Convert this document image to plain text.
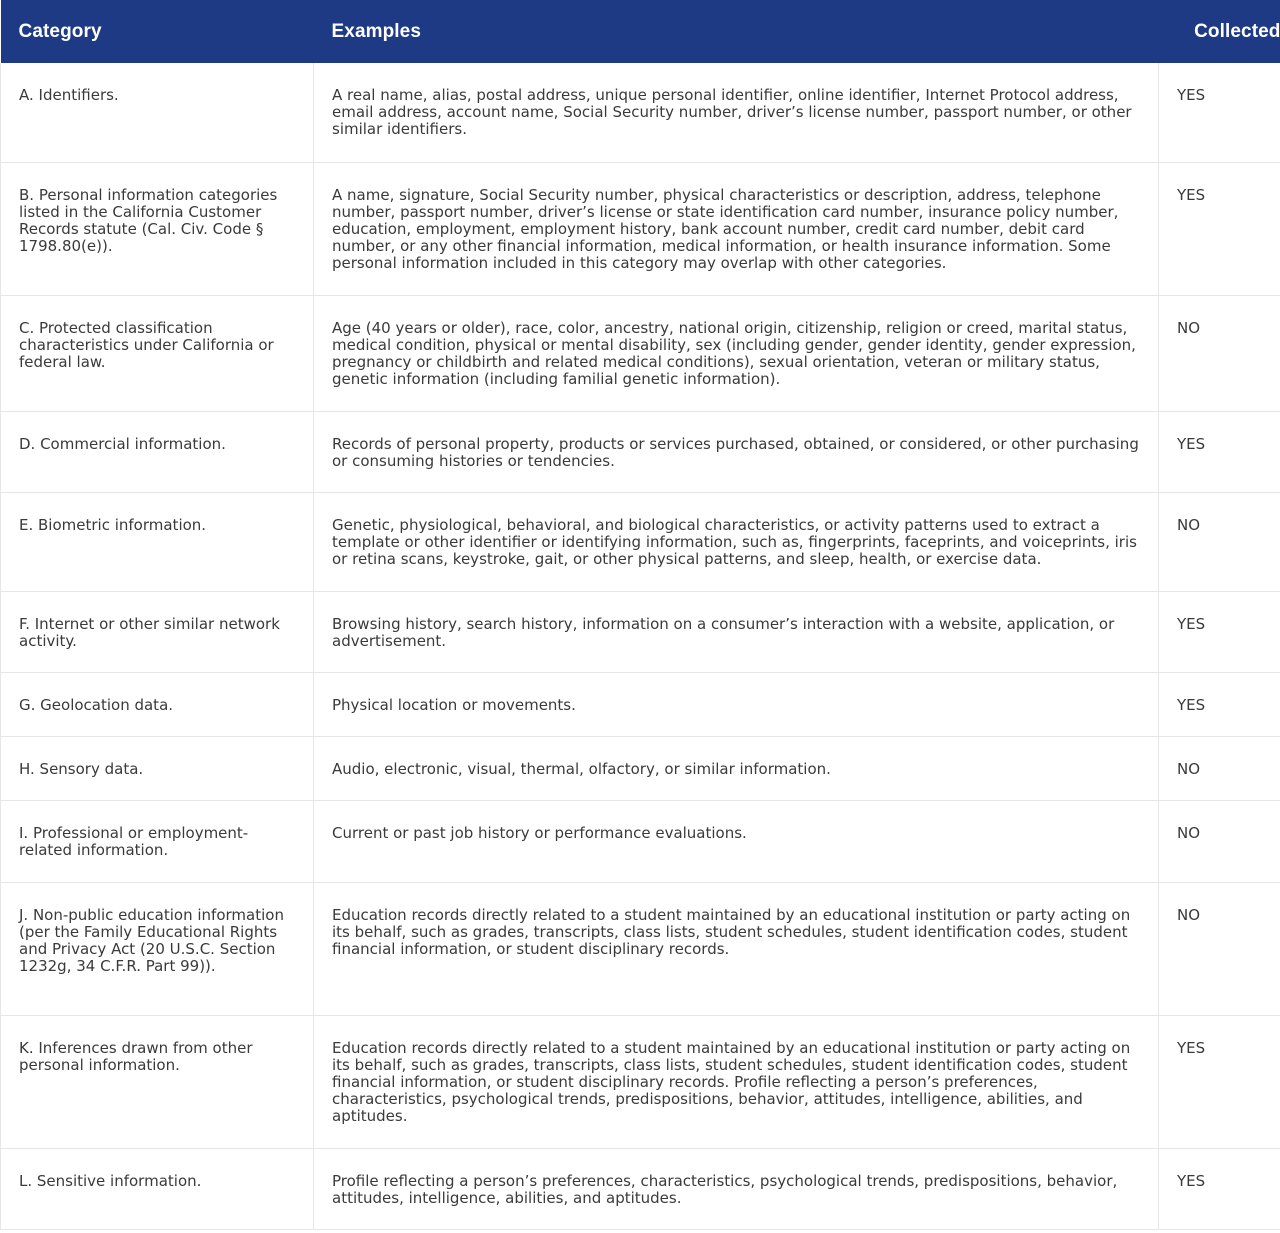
Category	Examples	Collected
A. Identifiers.	A real name, alias, postal address, unique personal identifier, online identifier, Internet Protocol address, email address, account name, Social Security number, driver’s license number, passport number, or other similar identifiers.	YES
B. Personal information categories listed in the California Customer Records statute (Cal. Civ. Code § 1798.80(e)).	A name, signature, Social Security number, physical characteristics or description, address, telephone number, passport number, driver’s license or state identification card number, insurance policy number, education, employment, employment history, bank account number, credit card number, debit card number, or any other financial information, medical information, or health insurance information. Some personal information included in this category may overlap with other categories.	YES
C. Protected classification characteristics under California or federal law.	Age (40 years or older), race, color, ancestry, national origin, citizenship, religion or creed, marital status, medical condition, physical or mental disability, sex (including gender, gender identity, gender expression, pregnancy or childbirth and related medical conditions), sexual orientation, veteran or military status, genetic information (including familial genetic information).	NO
D. Commercial information.	Records of personal property, products or services purchased, obtained, or considered, or other purchasing or consuming histories or tendencies.	YES
E. Biometric information.	Genetic, physiological, behavioral, and biological characteristics, or activity patterns used to extract a template or other identifier or identifying information, such as, fingerprints, faceprints, and voiceprints, iris or retina scans, keystroke, gait, or other physical patterns, and sleep, health, or exercise data.	NO
F. Internet or other similar network activity.	Browsing history, search history, information on a consumer’s interaction with a website, application, or advertisement.	YES
G. Geolocation data.	Physical location or movements.	YES
H. Sensory data.	Audio, electronic, visual, thermal, olfactory, or similar information.	NO
I. Professional or employment-related information.	Current or past job history or performance evaluations.	NO
J. Non-public education information (per the Family Educational Rights and Privacy Act (20 U.S.C. Section 1232g, 34 C.F.R. Part 99)).	Education records directly related to a student maintained by an educational institution or party acting on its behalf, such as grades, transcripts, class lists, student schedules, student identification codes, student financial information, or student disciplinary records.	NO
K. Inferences drawn from other personal information.	Education records directly related to a student maintained by an educational institution or party acting on its behalf, such as grades, transcripts, class lists, student schedules, student identification codes, student financial information, or student disciplinary records. Profile reflecting a person’s preferences, characteristics, psychological trends, predispositions, behavior, attitudes, intelligence, abilities, and aptitudes.	YES
L. Sensitive information.	Profile reflecting a person’s preferences, characteristics, psychological trends, predispositions, behavior, attitudes, intelligence, abilities, and aptitudes.	YES
